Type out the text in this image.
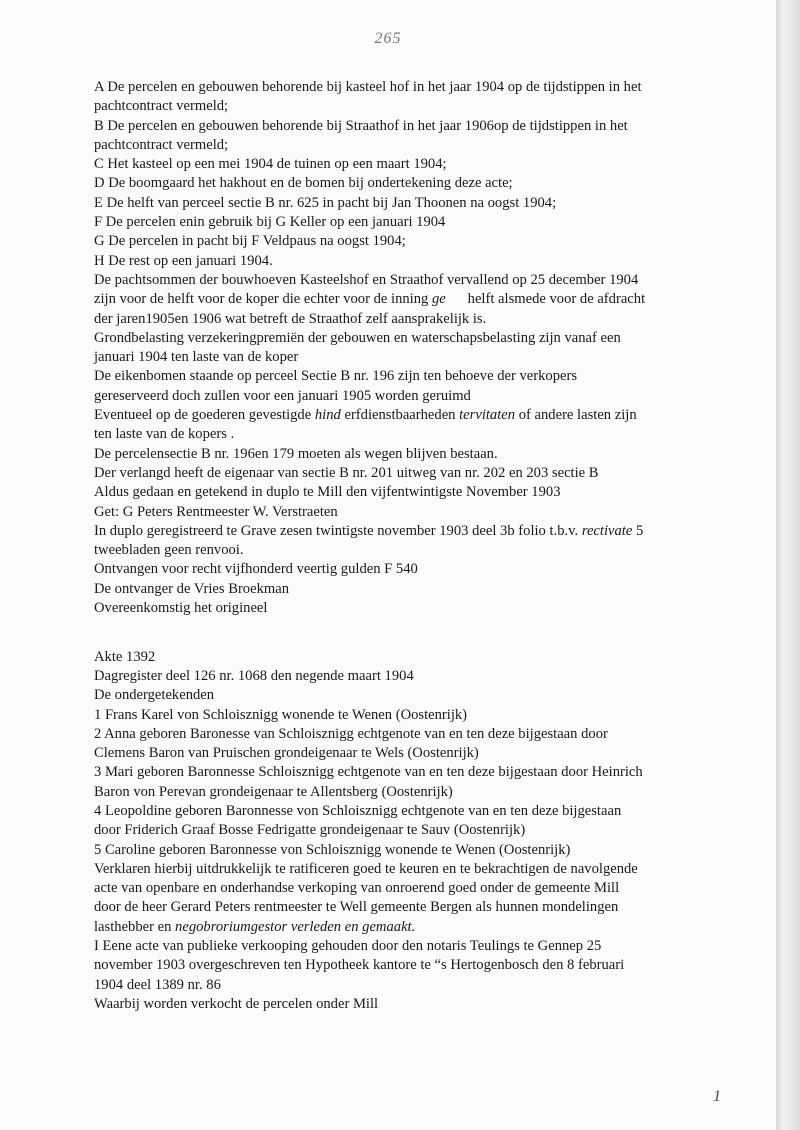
265
A De percelen en gebouwen behorende bij kasteel hof in het jaar 1904 op de tijdstippen in het
pachtcontract vermeld;
B De percelen en gebouwen behorende bij Straathof in het jaar 1906op de tijdstippen in het
pachtcontract vermeld;
C Het kasteel op een mei 1904 de tuinen op een maart 1904;
D De boomgaard het hakhout en de bomen bij ondertekening deze acte;
E De helft van perceel sectie B nr. 625 in pacht bij Jan Thoonen na oogst 1904;
F De percelen enin gebruik bij G Keller op een januari 1904
G De percelen in pacht bij F Veldpaus na oogst 1904;
H De rest op een januari 1904.
De pachtsommen der bouwhoeven Kasteelshof en Straathof vervallend op 25 december 1904
zijn voor de helft voor de koper die echter voor de inning ge      helft alsmede voor de afdracht
der jaren1905en 1906 wat betreft de Straathof zelf aansprakelijk is.
Grondbelasting verzekeringpremiën der gebouwen en waterschapsbelasting zijn vanaf een
januari 1904 ten laste van de koper
De eikenbomen staande op perceel Sectie B nr. 196 zijn ten behoeve der verkopers
gereserveerd doch zullen voor een januari 1905 worden geruimd
Eventueel op de goederen gevestigde hind erfdienstbaarheden tervitaten of andere lasten zijn
ten laste van de kopers .
De percelensectie B nr. 196en 179 moeten als wegen blijven bestaan.
Der verlangd heeft de eigenaar van sectie B nr. 201 uitweg van nr. 202 en 203 sectie B
Aldus gedaan en getekend in duplo te Mill den vijfentwintigste November 1903
Get: G Peters Rentmeester W. Verstraeten
In duplo geregistreerd te Grave zesen twintigste november 1903 deel 3b folio t.b.v. rectivate 5
tweebladen geen renvooi.
Ontvangen voor recht vijfhonderd veertig gulden F 540
De ontvanger de Vries Broekman
Overeenkomstig het origineel
Akte 1392
Dagregister deel 126 nr. 1068 den negende maart 1904
De ondergetekenden
1 Frans Karel von Schloisznigg wonende te Wenen (Oostenrijk)
2 Anna geboren Baronesse van Schloisznigg echtgenote van en ten deze bijgestaan door
Clemens Baron van Pruischen grondeigenaar te Wels (Oostenrijk)
3 Mari geboren Baronnesse Schloisznigg echtgenote van en ten deze bijgestaan door Heinrich
Baron von Perevan grondeigenaar te Allentsberg (Oostenrijk)
4 Leopoldine geboren Baronnesse von Schloisznigg echtgenote van en ten deze bijgestaan
door Friderich Graaf Bosse Fedrigatte grondeigenaar te Sauv (Oostenrijk)
5 Caroline geboren Baronnesse von Schloisznigg wonende te Wenen (Oostenrijk)
Verklaren hierbij uitdrukkelijk te ratificeren goed te keuren en te bekrachtigen de navolgende
acte van openbare en onderhandse verkoping van onroerend goed onder de gemeente Mill
door de heer Gerard Peters rentmeester te Well gemeente Bergen als hunnen mondelingen
lasthebber en negobroriumgestor verleden en gemaakt.
I Eene acte van publieke verkooping gehouden door den notaris Teulings te Gennep 25
november 1903 overgeschreven ten Hypotheek kantore te “s Hertogenbosch den 8 februari
1904 deel 1389 nr. 86
Waarbij worden verkocht de percelen onder Mill
1
